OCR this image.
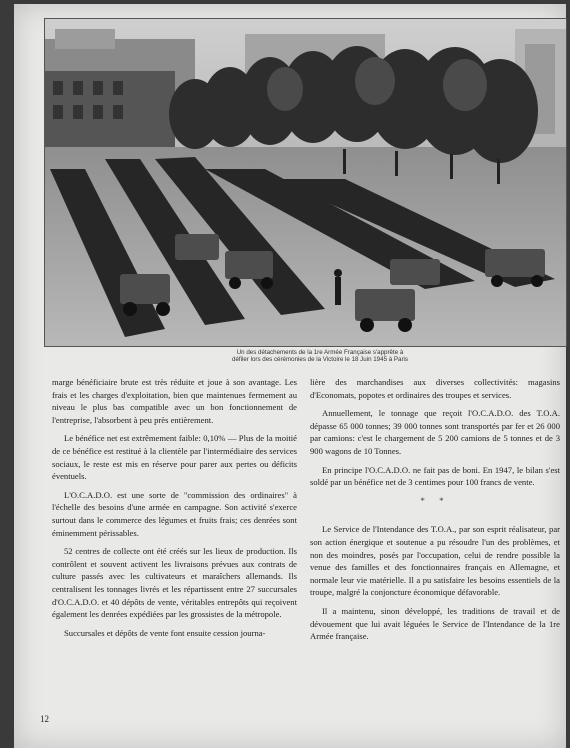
Un des détachements de la 1re Armée Française s'apprête à
défiler lors des cérémonies de la Victoire le 18 Juin 1945 à Paris

marge bénéficiaire brute est très réduite et joue à son avantage. Les frais et les charges d'exploitation, bien que maintenues fermement au niveau le plus bas compatible avec un bon fonctionnement de l'entreprise, l'absorbent à peu près entièrement.

Le bénéfice net est extrêmement faible: 0,10% — Plus de la moitié de ce bénéfice est restitué à la clientèle par l'intermédiaire des services sociaux, le reste est mis en réserve pour parer aux pertes ou déficits éventuels.

L'O.C.A.D.O. est une sorte de "commission des ordinaires" à l'échelle des besoins d'une armée en campagne. Son activité s'exerce surtout dans le commerce des légumes et fruits frais; ces denrées sont éminemment périssables.

52 centres de collecte ont été créés sur les lieux de production. Ils contrôlent et souvent activent les livraisons prévues aux contrats de culture passés avec les cultivateurs et maraîchers allemands. Ils centralisent les tonnages livrés et les répartissent entre 27 succursales d'O.C.A.D.O. et 40 dépôts de vente, véritables entrepôts qui reçoivent également les denrées expédiées par les grossistes de la métropole.

Succursales et dépôts de vente font ensuite cession journa-

lière des marchandises aux diverses collectivités: magasins d'Economats, popotes et ordinaires des troupes et services.

Annuellement, le tonnage que reçoit l'O.C.A.D.O. des T.O.A. dépasse 65 000 tonnes; 39 000 tonnes sont transportés par fer et 26 000 par camions: c'est le chargement de 5 200 camions de 5 tonnes et de 3 900 wagons de 10 Tonnes.

En principe l'O.C.A.D.O. ne fait pas de boni. En 1947, le bilan s'est soldé par un bénéfice net de 3 centimes pour 100 francs de vente.

* *

Le Service de l'Intendance des T.O.A., par son esprit réalisateur, par son action énergique et soutenue a pu résoudre l'un des problèmes, et non des moindres, posés par l'occupation, celui de rendre possible la venue des familles et des fonctionnaires français en Allemagne, et normale leur vie matérielle. Il a pu satisfaire les besoins essentiels de la troupe, malgré la conjoncture économique défavorable.

Il a maintenu, sinon développé, les traditions de travail et de dévouement que lui avait léguées le Service de l'Intendance de la 1re Armée française.

12
